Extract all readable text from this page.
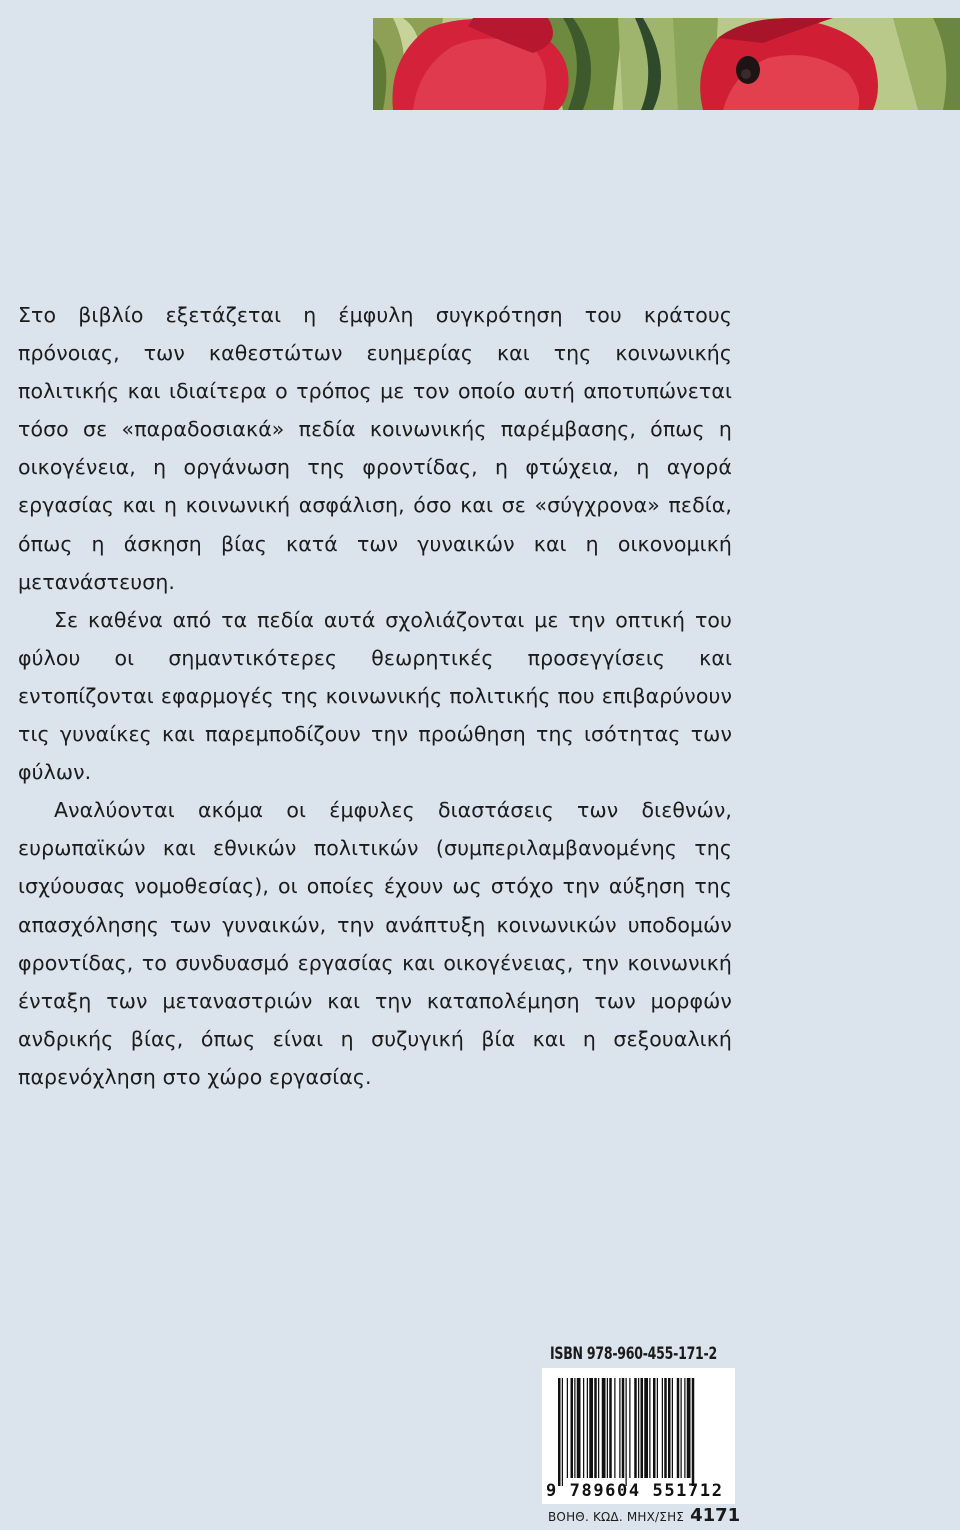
Στο βιβλίο εξετάζεται η έμφυλη συγκρότηση του κράτους πρόνοιας, των καθεστώτων ευημερίας και της κοινωνικής πολιτικής και ιδιαίτερα ο τρόπος με τον οποίο αυτή αποτυπώνεται τόσο σε «παραδοσιακά» πεδία κοινωνικής παρέμβασης, όπως η οικογένεια, η οργάνωση της φροντίδας, η φτώχεια, η αγορά εργασίας και η κοινωνική ασφάλιση, όσο και σε «σύγχρονα» πεδία, όπως η άσκηση βίας κατά των γυναικών και η οικονομική μετανάστευση.

Σε καθένα από τα πεδία αυτά σχολιάζονται με την οπτική του φύλου οι σημαντικότερες θεωρητικές προσεγγίσεις και εντοπίζονται εφαρμογές της κοινωνικής πολιτικής που επιβαρύνουν τις γυναίκες και παρεμποδίζουν την προώθηση της ισότητας των φύλων.

Αναλύονται ακόμα οι έμφυλες διαστάσεις των διεθνών, ευρωπαϊκών και εθνικών πολιτικών (συμπεριλαμβανομένης της ισχύουσας νομοθεσίας), οι οποίες έχουν ως στόχο την αύξηση της απασχόλησης των γυναικών, την ανάπτυξη κοινωνικών υποδομών φροντίδας, το συνδυασμό εργασίας και οικογένειας, την κοινωνική ένταξη των μεταναστριών και την καταπολέμηση των μορφών ανδρικής βίας, όπως είναι η συζυγική βία και η σεξουαλική παρενόχληση στο χώρο εργασίας.

ISBN 978-960-455-171-2
9 789604 551712
ΒΟΗΘ. ΚΩΔ. ΜΗΧ/ΣΗΣ 4171
